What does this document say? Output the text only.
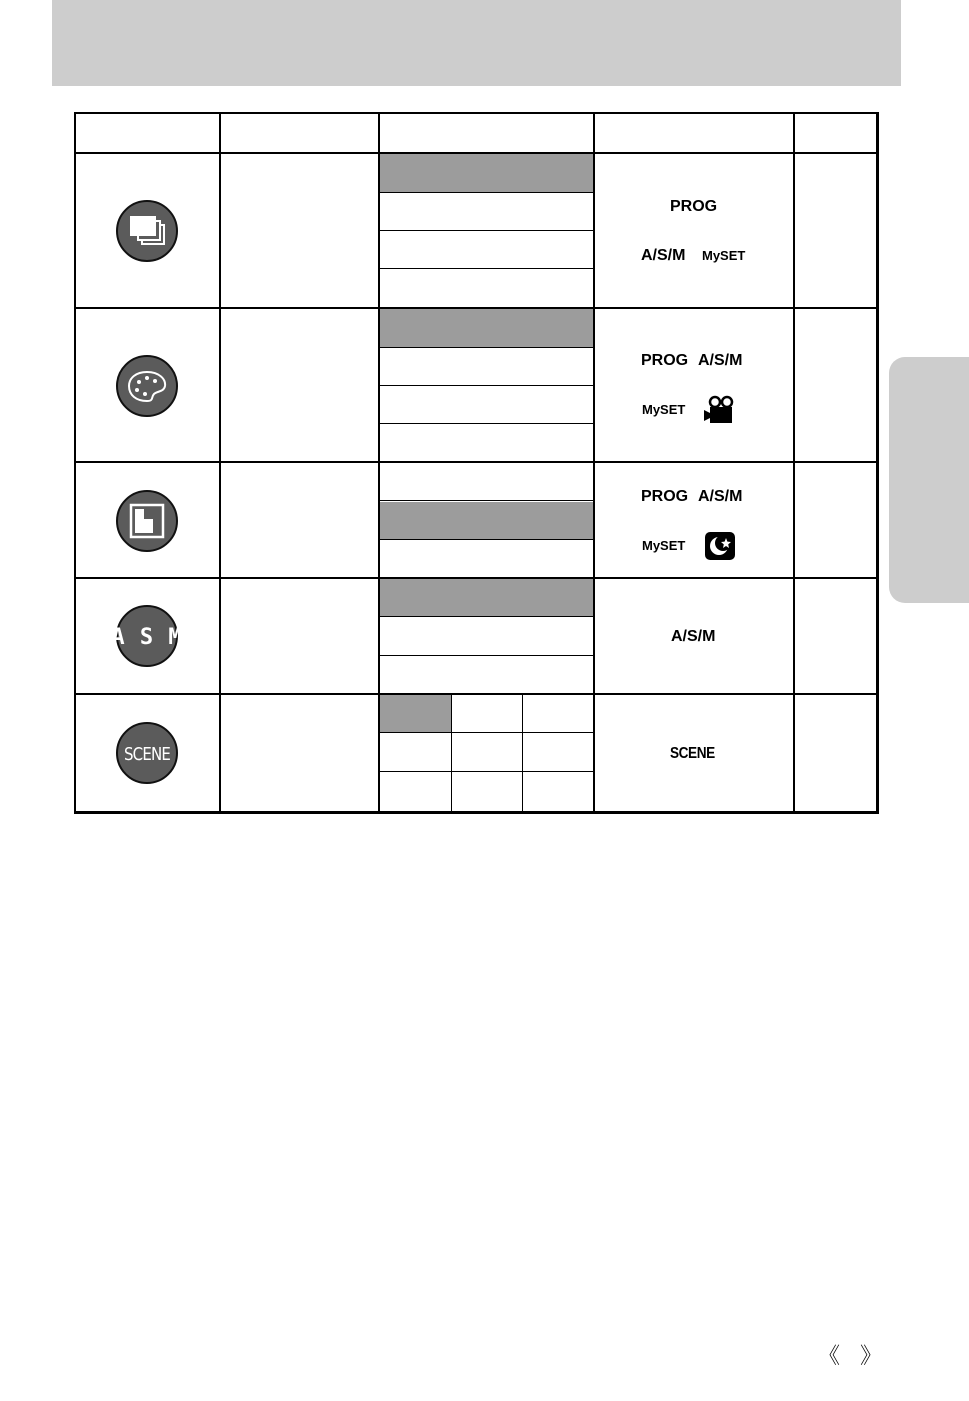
A S M
SCENE
PROG
A/S/M MySET
PROG A/S/M
MySET
PROG A/S/M
MySET
A/S/M
SCENE
《 》
